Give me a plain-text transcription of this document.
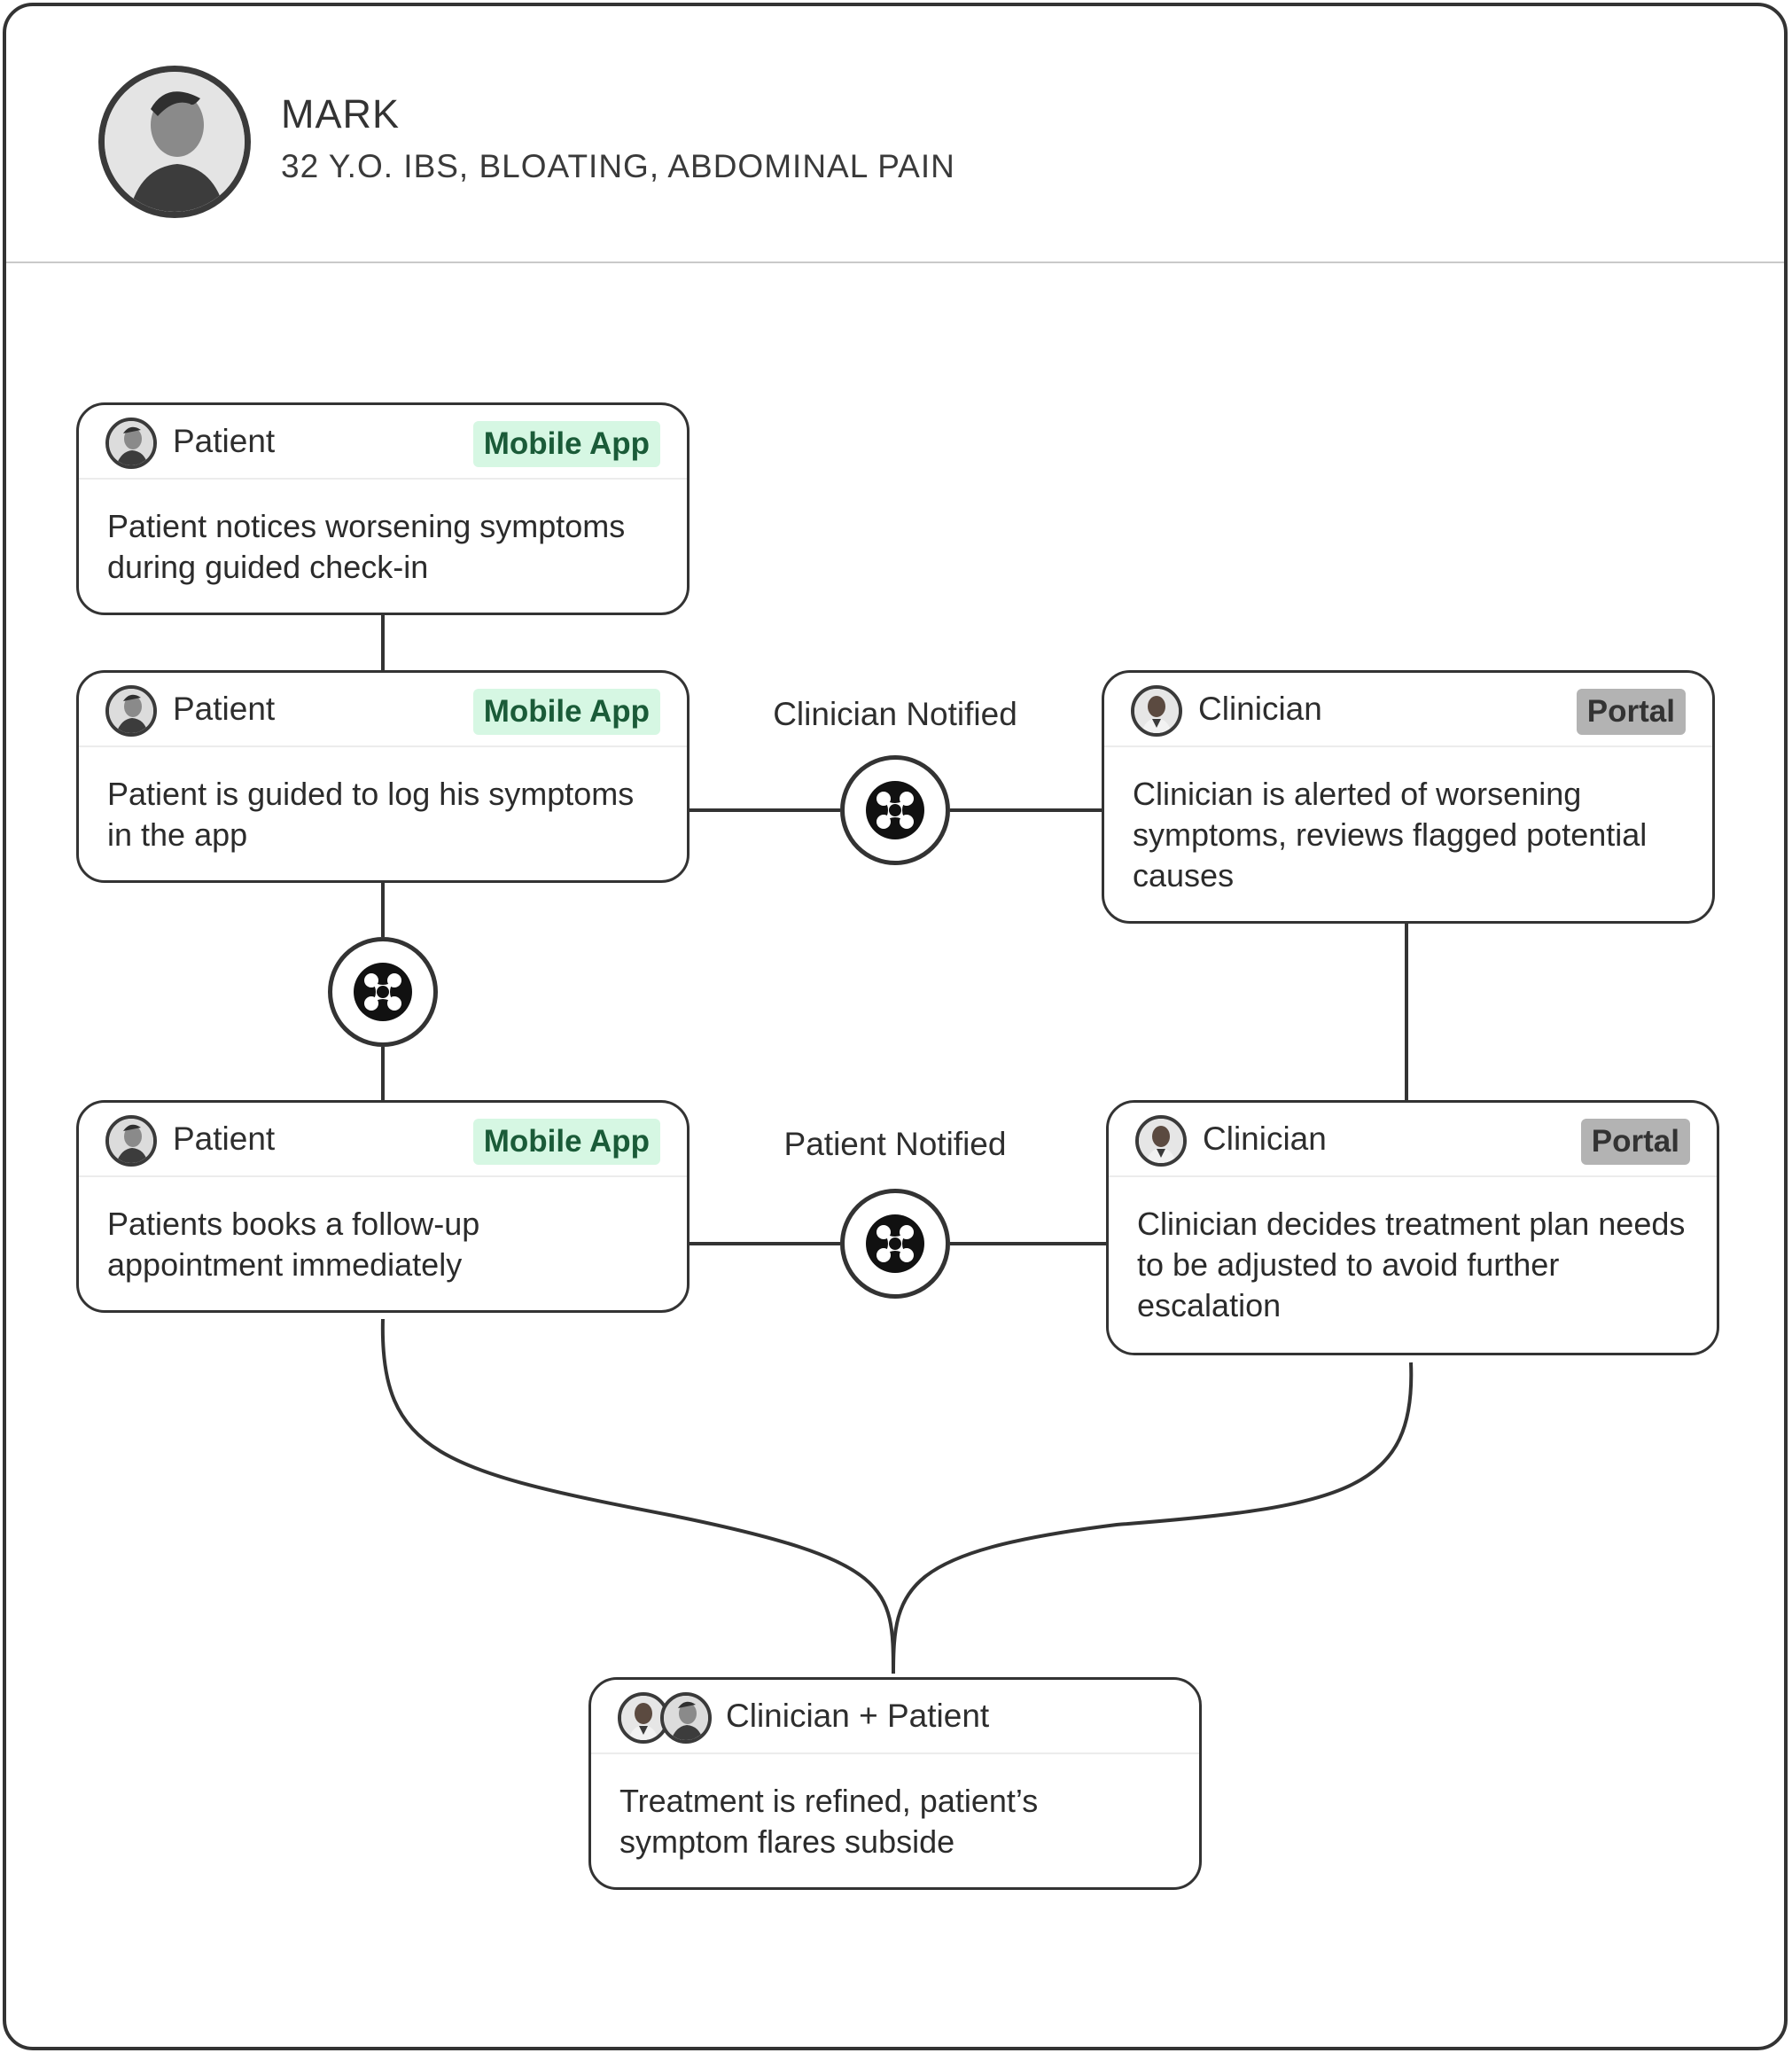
MARK
32 Y.O. IBS, BLOATING, ABDOMINAL PAIN
Patient	Mobile App
Patient notices worsening symptoms during guided check-in
Patient	Mobile App
Patient is guided to log his symptoms in the app
Clinician	Portal
Clinician is alerted of worsening symptoms, reviews flagged potential causes
Patient	Mobile App
Patients books a follow-up appointment immediately
Clinician	Portal
Clinician decides treatment plan needs to be adjusted to avoid further escalation
Clinician + Patient
Treatment is refined, patient’s symptom flares subside
Clinician Notified
Patient Notified
